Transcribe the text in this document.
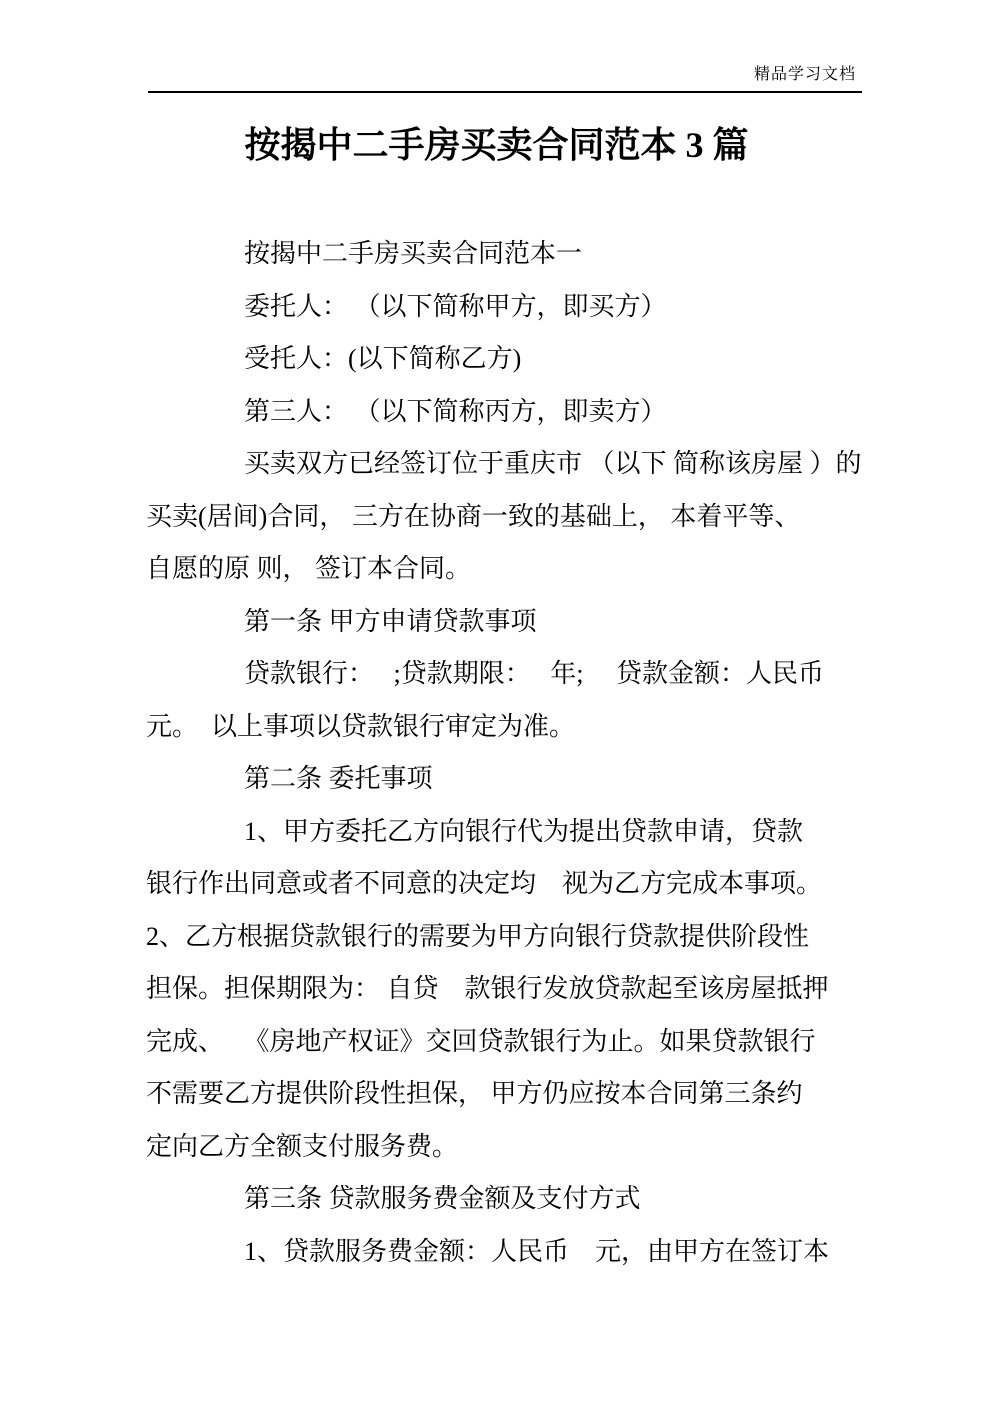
精品学习文档
按揭中二手房买卖合同范本 3 篇
按揭中二手房买卖合同范本一
委托人： （以下简称甲方，即买方）
受托人：(以下简称乙方)
第三人： （以下简称丙方，即卖方）
买卖双方已经签订位于重庆市 （以下 简称该房屋 ）的
买卖(居间)合同， 三方在协商一致的基础上， 本着平等、
自愿的原 则， 签订本合同。
第一条 甲方申请贷款事项
贷款银行：　 ;贷款期限：　 年;　 贷款金额：人民币
元。　以上事项以贷款银行审定为准。
第二条 委托事项
1、甲方委托乙方向银行代为提出贷款申请，贷款
银行作出同意或者不同意的决定均　视为乙方完成本事项。
2、乙方根据贷款银行的需要为甲方向银行贷款提供阶段性
担保。担保期限为： 自贷　款银行发放贷款起至该房屋抵押
完成、　 《房地产权证》交回贷款银行为止。如果贷款银行
不需要乙方提供阶段性担保， 甲方仍应按本合同第三条约
定向乙方全额支付服务费。
第三条 贷款服务费金额及支付方式
1、贷款服务费金额：人民币　元，由甲方在签订本
